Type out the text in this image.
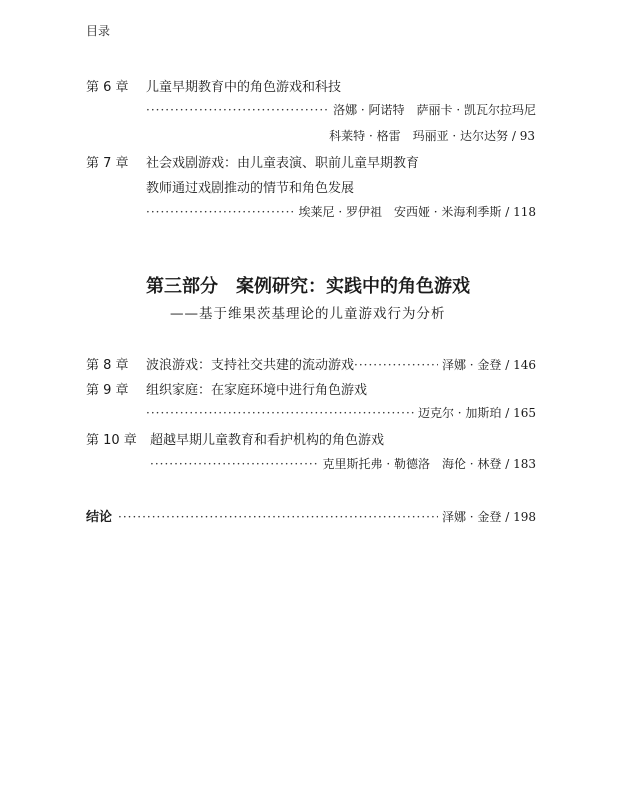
目录
第 6 章 儿童早期教育中的角色游戏和科技
·····
洛娜 · 阿诺特　萨丽卡 · 凯瓦尔拉玛尼
科莱特 · 格雷　玛丽亚 · 达尔达努 / 93
第 7 章 社会戏剧游戏：由儿童表演、职前儿童早期教育
教师通过戏剧推动的情节和角色发展
·····
埃莱尼 · 罗伊祖　安西娅 · 米海利季斯 / 118
第三部分　案例研究：实践中的角色游戏
——基于维果茨基理论的儿童游戏行为分析
第 8 章 波浪游戏：支持社交共建的流动游戏 ·····	泽娜 · 金登 / 146
第 9 章 组织家庭：在家庭环境中进行角色游戏
·····
迈克尔 · 加斯珀 / 165
第 10 章 超越早期儿童教育和看护机构的角色游戏
·····
克里斯托弗 · 勒德洛　海伦 · 林登 / 183
结论 ·····	泽娜 · 金登 / 198
